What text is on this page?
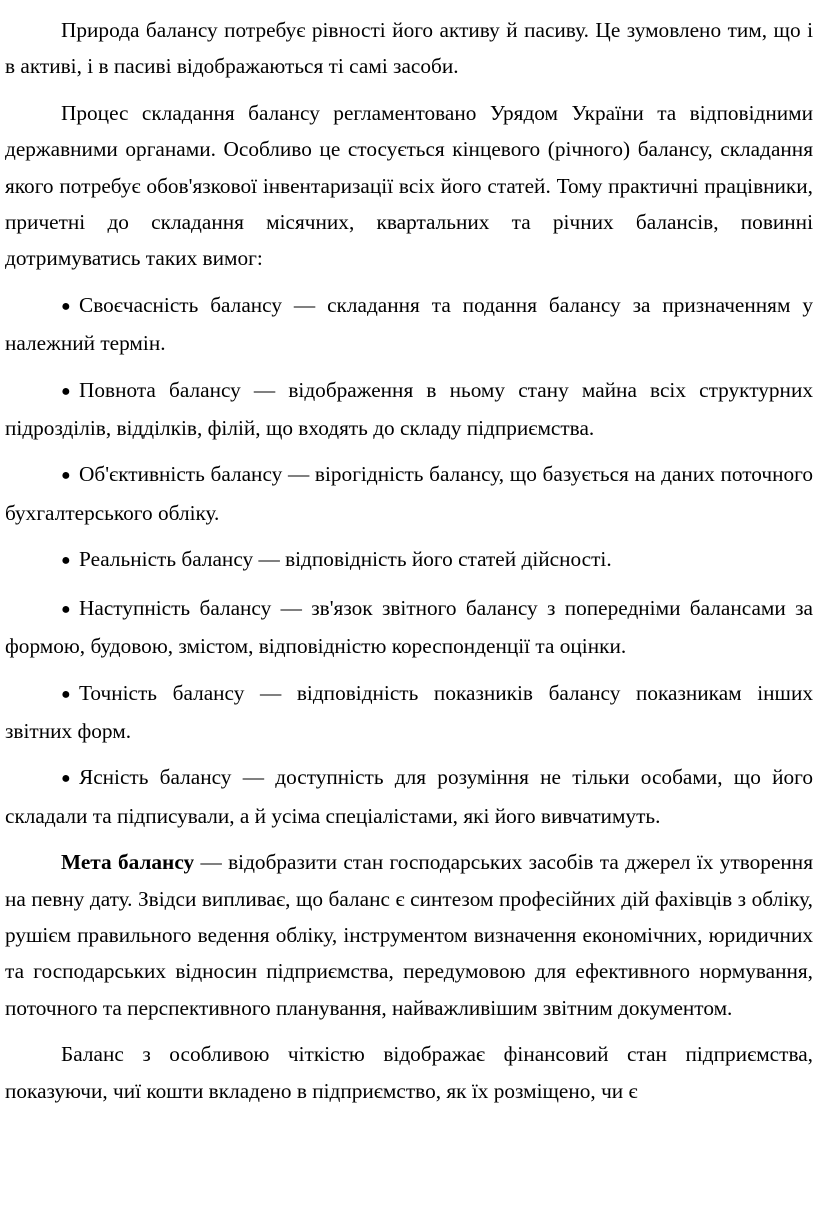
Природа балансу потребує рівності його активу й пасиву. Це зумовлено тим, що і в активі, і в пасиві відображаються ті самі засоби.

Процес складання балансу регламентовано Урядом України та відповідними державними органами. Особливо це стосується кінцевого (річного) балансу, складання якого потребує обов'язкової інвентаризації всіх його статей. Тому практичні працівники, причетні до складання місячних, квартальних та річних балансів, повинні дотримуватись таких вимог:

● Своєчасність балансу — складання та подання балансу за призначенням у належний термін.

● Повнота балансу — відображення в ньому стану майна всіх структурних підрозділів, відділків, філій, що входять до складу підприємства.

● Об'єктивність балансу — вірогідність балансу, що базується на даних поточного бухгалтерського обліку.

● Реальність балансу — відповідність його статей дійсності.

● Наступність балансу — зв'язок звітного балансу з попередніми балансами за формою, будовою, змістом, відповідністю кореспонденції та оцінки.

● Точність балансу — відповідність показників балансу показникам інших звітних форм.

● Ясність балансу — доступність для розуміння не тільки особами, що його складали та підписували, а й усіма спеціалістами, які його вивчатимуть.

Мета балансу — відобразити стан господарських засобів та джерел їх утворення на певну дату. Звідси випливає, що баланс є синтезом професійних дій фахівців з обліку, рушієм правильного ведення обліку, інструментом визначення економічних, юридичних та господарських відносин підприємства, передумовою для ефективного нормування, поточного та перспективного планування, найважливішим звітним документом.

Баланс з особливою чіткістю відображає фінансовий стан підприємства, показуючи, чиї кошти вкладено в підприємство, як їх розміщено, чи є
